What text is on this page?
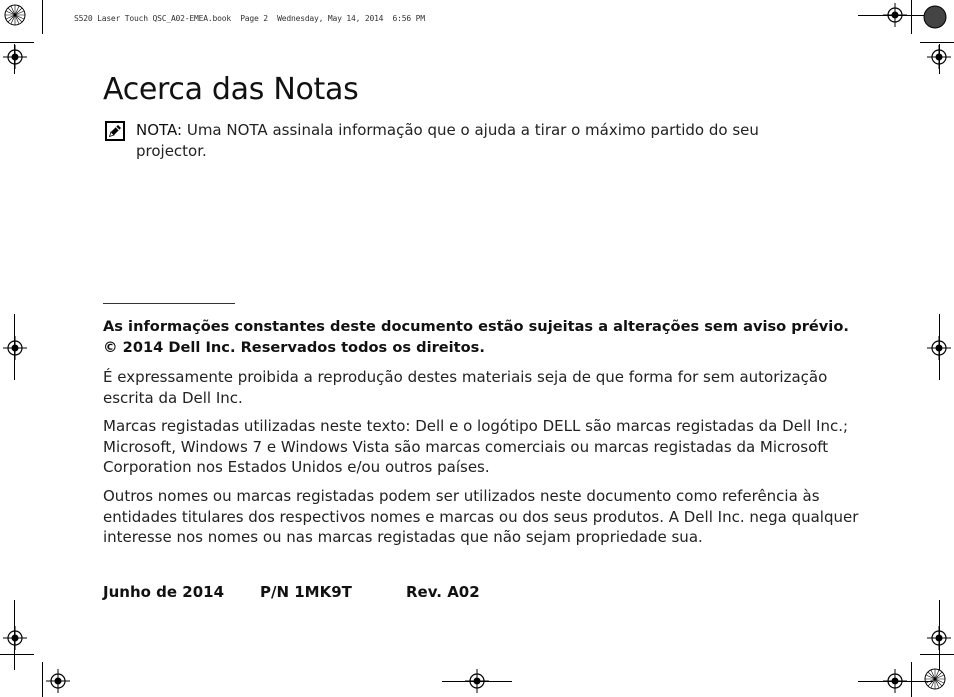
S520 Laser Touch QSC_A02-EMEA.book  Page 2  Wednesday, May 14, 2014  6:56 PM
Acerca das Notas
NOTA: Uma NOTA assinala informação que o ajuda a tirar o máximo partido do seu projector.
As informações constantes deste documento estão sujeitas a alterações sem aviso prévio.
© 2014 Dell Inc. Reservados todos os direitos.
É expressamente proibida a reprodução destes materiais seja de que forma for sem autorização escrita da Dell Inc.
Marcas registadas utilizadas neste texto: Dell e o logótipo DELL são marcas registadas da Dell Inc.; Microsoft, Windows 7 e Windows Vista são marcas comerciais ou marcas registadas da Microsoft Corporation nos Estados Unidos e/ou outros países.
Outros nomes ou marcas registadas podem ser utilizados neste documento como referência às entidades titulares dos respectivos nomes e marcas ou dos seus produtos. A Dell Inc. nega qualquer interesse nos nomes ou nas marcas registadas que não sejam propriedade sua.
Junho de 2014 P/N 1MK9T	Rev. A02
